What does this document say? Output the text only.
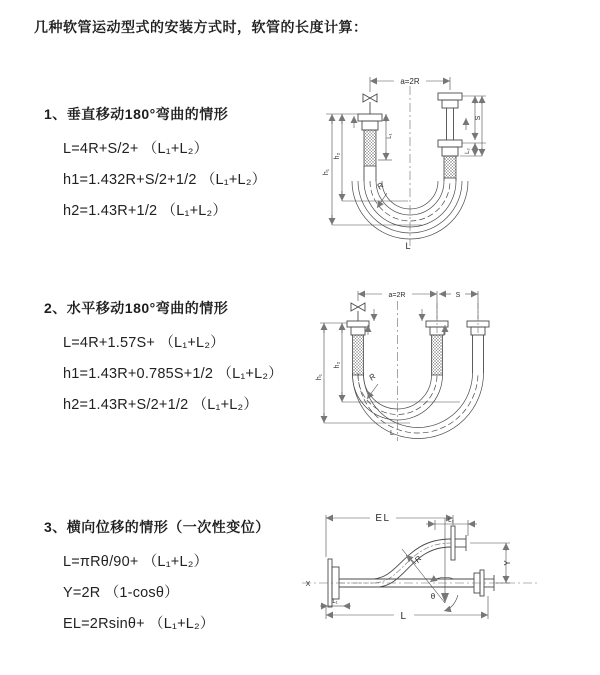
几种软管运动型式的安装方式时，软管的长度计算：

1、垂直移动180°弯曲的情形

L=4R+S/2+ （L₁+L₂）
h1=1.432R+S/2+1/2 （L₁+L₂）
h2=1.43R+1/2 （L₁+L₂）

2、水平移动180°弯曲的情形

L=4R+1.57S+ （L₁+L₂）
h1=1.43R+0.785S+1/2 （L₁+L₂）
h2=1.43R+S/2+1/2 （L₁+L₂）

3、横向位移的情形（一次性变位）

L=πRθ/90+ （L₁+L₂）
Y=2R （1-cosθ）
EL=2Rsinθ+ （L₁+L₂）
a=2R
h₁
h₂
L₁
S
L₂
R
L
a=2R	S
h₁
h₂
R
L
EL	L₂
X
Y
θ
R
L₁
L
